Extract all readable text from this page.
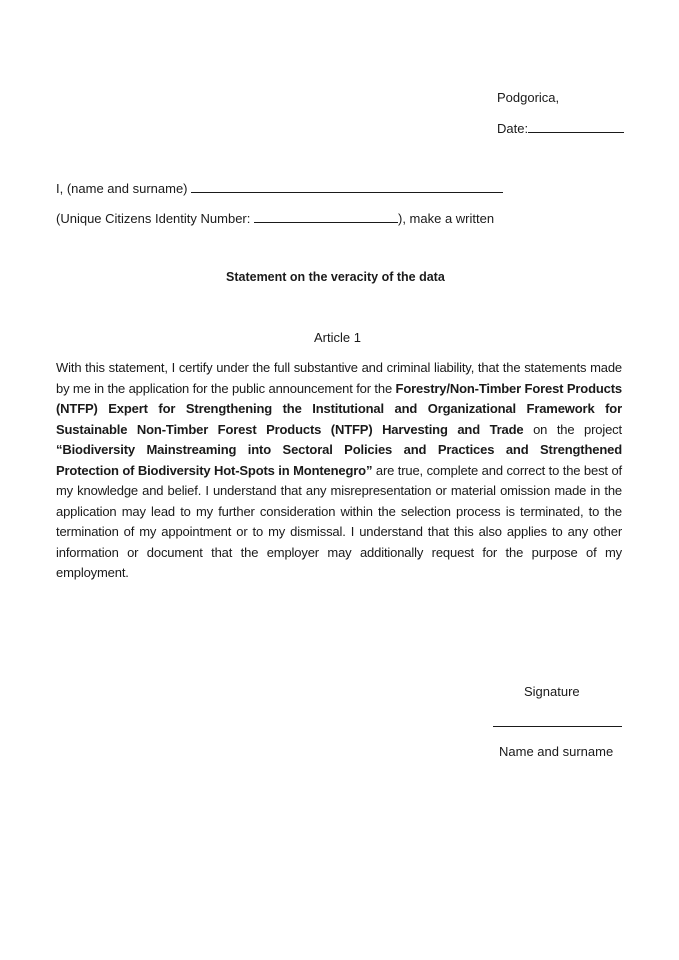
Podgorica,
Date:
I, (name and surname)
(Unique Citizens Identity Number:	), make a written
Statement on the veracity of the data
Article 1
With this statement, I certify under the full substantive and criminal liability, that the statements made by me in the application for the public announcement for the Forestry/Non-Timber Forest Products (NTFP) Expert for Strengthening the Institutional and Organizational Framework for Sustainable Non-Timber Forest Products (NTFP) Harvesting and Trade on the project “Biodiversity Mainstreaming into Sectoral Policies and Practices and Strengthened Protection of Biodiversity Hot-Spots in Montenegro” are true, complete and correct to the best of my knowledge and belief. I understand that any misrepresentation or material omission made in the application may lead to my further consideration within the selection process is terminated, to the termination of my appointment or to my dismissal. I understand that this also applies to any other information or document that the employer may additionally request for the purpose of my employment.
Signature
Name and surname
